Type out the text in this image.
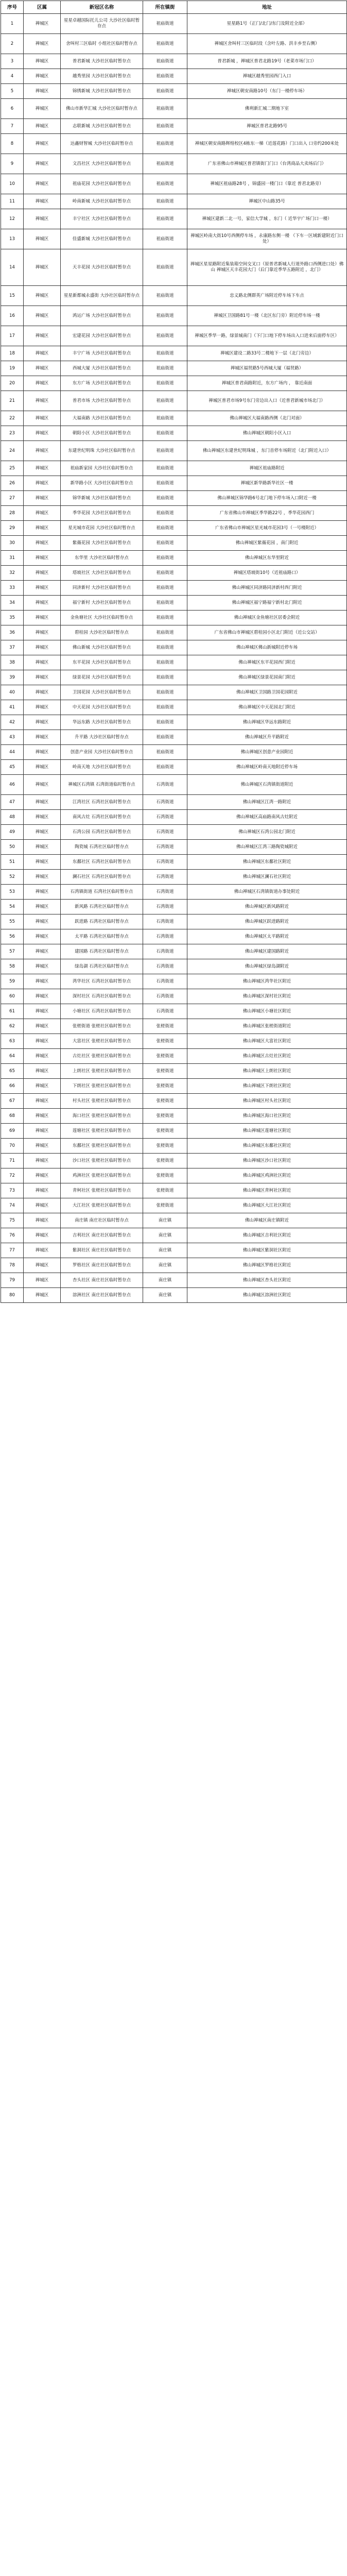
序号	区属	新冠区名称	所在镇街	地址
1	禅城区	星星卓越国际托儿公司 大沙社区临时暂存点	祖庙街道	星星路1号（正门/北门/东门及附近全部）
2	禅城区	舍叫村三区临时 小组社区临时暂存点	祖庙街道	禅城区舍叫村三区临时段（含叶左路、洪丰乡至右侧）
3	禅城区	普君新城 大沙社区临时暂存点	祖庙街道	普君新城 ，禅城区普君北路19号（老菜市场门口）
4	禅城区	越秀里园 大沙社区临时暂存点	祖庙街道	禅城区越秀里园西门入口
5	禅城区	锦绣新城 大沙社区临时暂存点	祖庙街道	禅城区朝安南路10号（东门一楼停车场）
6	禅城区	佛山市新华汇城 大沙社区临时暂存点	祖庙街道	佛利新汇城二期地下室
7	禅城区	志联新城 大沙社区临时暂存点	祖庙街道	禅城区普君北路95号
8	禅城区	达鑫财智城 大沙社区临时暂存点	祖庙街道	禅城区朝安南路辉煌校区4栋东一梯（近莲花路）门口出入 口旁约200米处
9	禅城区	文昌社区 大沙社区临时暂存点	祖庙街道	广东省佛山市禅城区普君镇街门门口（台湾商品大卖场后门）
10	禅城区	祖庙花园 大沙社区临时暂存点	祖庙街道	禅城区祖庙路28号 ，锦盛园一楼门口（靠近 普君北路旁）
11	禅城区	岭南新城 大沙社区临时暂存点	祖庙街道	禅城区中山路35号
12	禅城区	丰宁社区 大沙社区临时暂存点	祖庙街道	禅城区建新二北一号，家信大学城 ，东门（ 近华宇广场门口一楼）
13	禅城区	佳盛新城 大沙社区临时暂存点	祖庙街道	禅城区岭南大街10号西侧停车场 ，永康路东侧一楼 （下车一区域新建附近门口处）
14	禅城区	天丰花园 大沙社区临时暂存点	祖庙街道	禅城区星星路附近集装箱空间交叉口（原普君新城人行道外路口西侧进口处）佛山 禅城区天丰花园大门（后门靠近季华五路附近 ，北门）
15	禅城区	星星新都城永盛街 大沙社区临时暂存点	祖庙街道	忠义路北侧群英广场附近停车场下车点
16	禅城区	鸿运广场 大沙社区临时暂存点	祖庙街道	禅城区卫国路81号一楼（北区东门旁）附近停车场一楼
17	禅城区	宏建花园 大沙社区临时暂存点	祖庙街道	禅城区季华一路，绿景城南门（下门口地下停车场出入口进来后面停车区）
18	禅城区	丰宁广场 大沙社区临时暂存点	祖庙街道	禅城区建设二路33号二楼地下一层（北门旁边）
19	禅城区	西城大厦 大沙社区临时暂存点	祖庙街道	禅城区福贤路5号西城大厦（福贤路）
20	禅城区	东方广场 大沙社区临时暂存点	祖庙街道	禅城区普君南路附近，东方广场内 ， 靠近南面
21	禅城区	普君市场 大沙社区临时暂存点	祖庙街道	禅城区普君市场9号东门旁边出入口（近普君新城市场北门）
22	禅城区	大福南路 大沙社区临时暂存点	祖庙街道	佛山禅城区大福南路西侧（北门对面）
23	禅城区	朝阳小区 大沙社区临时暂存点	祖庙街道	佛山禅城区朝阳小区入口
24	禅城区	东建世纪明珠 大沙社区临时暂存点	祖庙街道	佛山禅城区东建世纪明珠城 ，东门首停车场附近（北门附近入口）
25	禅城区	祖庙新家园 大沙社区临时暂存点	祖庙街道	禅城区祖庙路附近
26	禅城区	新华路小区 大沙社区临时暂存点	祖庙街道	禅城区新华路新华社区一楼
27	禅城区	锦华新城 大沙社区临时暂存点	祖庙街道	佛山禅城区锦华路6号北门地下停车场入口附近一楼
28	禅城区	季华花园 大沙社区临时暂存点	祖庙街道	广东省佛山市禅城区季华路22号 ，季华花园西门
29	禅城区	星光城市花园 大沙社区临时暂存点	祖庙街道	广东省佛山市禅城区星光城市花园3号（一号楼附近）
30	禅城区	紫薇花园 大沙社区临时暂存点	祖庙街道	佛山禅城区紫薇花园 ，南门附近
31	禅城区	东华里 大沙社区临时暂存点	祖庙街道	佛山禅城区东华里附近
32	禅城区	塔坡社区 大沙社区临时暂存点	祖庙街道	禅城区塔坡街10号（近祖庙路口）
33	禅城区	同济新村 大沙社区临时暂存点	祖庙街道	佛山禅城区同济路同济新村西门附近
34	禅城区	福宁新村 大沙社区临时暂存点	祖庙街道	佛山禅城区福宁路福宁新村北门附近
35	禅城区	金鱼塘社区 大沙社区临时暂存点	祖庙街道	佛山禅城区金鱼塘社区居委会附近
36	禅城区	碧桂园 大沙社区临时暂存点	祖庙街道	广东省佛山市禅城区碧桂园小区北门附近（近公交站）
37	禅城区	佛山新城 大沙社区临时暂存点	祖庙街道	佛山禅城区佛山新城附近停车场
38	禅城区	东平花园 大沙社区临时暂存点	祖庙街道	佛山禅城区东平花园西门附近
39	禅城区	绿景花园 大沙社区临时暂存点	祖庙街道	佛山禅城区绿景花园南门附近
40	禅城区	卫国花园 大沙社区临时暂存点	祖庙街道	佛山禅城区卫国路卫国花园附近
41	禅城区	中天花园 大沙社区临时暂存点	祖庙街道	佛山禅城区中天花园北门附近
42	禅城区	华远东路 大沙社区临时暂存点	祖庙街道	佛山禅城区华远东路附近
43	禅城区	升平路 大沙社区临时暂存点	祖庙街道	佛山禅城区升平路附近
44	禅城区	创意产业园 大沙社区临时暂存点	祖庙街道	佛山禅城区创意产业园附近
45	禅城区	岭南天地 大沙社区临时暂存点	祖庙街道	佛山禅城区岭南天地附近停车场
46	禅城区	禅城区石湾镇 石湾街道临时暂存点	石湾街道	佛山禅城区石湾镇街道附近
47	禅城区	江湾社区 石湾社区临时暂存点	石湾街道	佛山禅城区江湾一路附近
48	禅城区	南风古灶 石湾社区临时暂存点	石湾街道	佛山禅城区高庙路南风古灶附近
49	禅城区	石湾公园 石湾社区临时暂存点	石湾街道	佛山禅城区石湾公园北门附近
50	禅城区	陶瓷城 石湾社区临时暂存点	石湾街道	佛山禅城区江湾三路陶瓷城附近
51	禅城区	东鄱社区 石湾社区临时暂存点	石湾街道	佛山禅城区东鄱社区附近
52	禅城区	澜石社区 石湾社区临时暂存点	石湾街道	佛山禅城区澜石社区附近
53	禅城区	石湾镇街道 石湾社区临时暂存点	石湾街道	佛山禅城区石湾镇街道办事处附近
54	禅城区	新风路 石湾社区临时暂存点	石湾街道	佛山禅城区新风路附近
55	禅城区	跃进路 石湾社区临时暂存点	石湾街道	佛山禅城区跃进路附近
56	禅城区	太平路 石湾社区临时暂存点	石湾街道	佛山禅城区太平路附近
57	禅城区	建国路 石湾社区临时暂存点	石湾街道	佛山禅城区建国路附近
58	禅城区	绿岛湖 石湾社区临时暂存点	石湾街道	佛山禅城区绿岛湖附近
59	禅城区	湾华社区 石湾社区临时暂存点	石湾街道	佛山禅城区湾华社区附近
60	禅城区	深村社区 石湾社区临时暂存点	石湾街道	佛山禅城区深村社区附近
61	禅城区	小塘社区 石湾社区临时暂存点	石湾街道	佛山禅城区小塘社区附近
62	禅城区	张槎街道 张槎社区临时暂存点	张槎街道	佛山禅城区张槎街道附近
63	禅城区	大富社区 张槎社区临时暂存点	张槎街道	佛山禅城区大富社区附近
64	禅城区	古灶社区 张槎社区临时暂存点	张槎街道	佛山禅城区古灶社区附近
65	禅城区	上朗社区 张槎社区临时暂存点	张槎街道	佛山禅城区上朗社区附近
66	禅城区	下朗社区 张槎社区临时暂存点	张槎街道	佛山禅城区下朗社区附近
67	禅城区	村头社区 张槎社区临时暂存点	张槎街道	佛山禅城区村头社区附近
68	禅城区	海口社区 张槎社区临时暂存点	张槎街道	佛山禅城区海口社区附近
69	禅城区	莲塘社区 张槎社区临时暂存点	张槎街道	佛山禅城区莲塘社区附近
70	禅城区	东鄱社区 张槎社区临时暂存点	张槎街道	佛山禅城区东鄱社区附近
71	禅城区	沙口社区 张槎社区临时暂存点	张槎街道	佛山禅城区沙口社区附近
72	禅城区	鸡洲社区 张槎社区临时暂存点	张槎街道	佛山禅城区鸡洲社区附近
73	禅城区	青柯社区 张槎社区临时暂存点	张槎街道	佛山禅城区青柯社区附近
74	禅城区	大江社区 张槎社区临时暂存点	张槎街道	佛山禅城区大江社区附近
75	禅城区	南庄镇 南庄社区临时暂存点	南庄镇	佛山禅城区南庄镇附近
76	禅城区	吉利社区 南庄社区临时暂存点	南庄镇	佛山禅城区吉利社区附近
77	禅城区	紫洞社区 南庄社区临时暂存点	南庄镇	佛山禅城区紫洞社区附近
78	禅城区	罗格社区 南庄社区临时暂存点	南庄镇	佛山禅城区罗格社区附近
79	禅城区	杏头社区 南庄社区临时暂存点	南庄镇	佛山禅城区杏头社区附近
80	禅城区	溶洲社区 南庄社区临时暂存点	南庄镇	佛山禅城区溶洲社区附近
